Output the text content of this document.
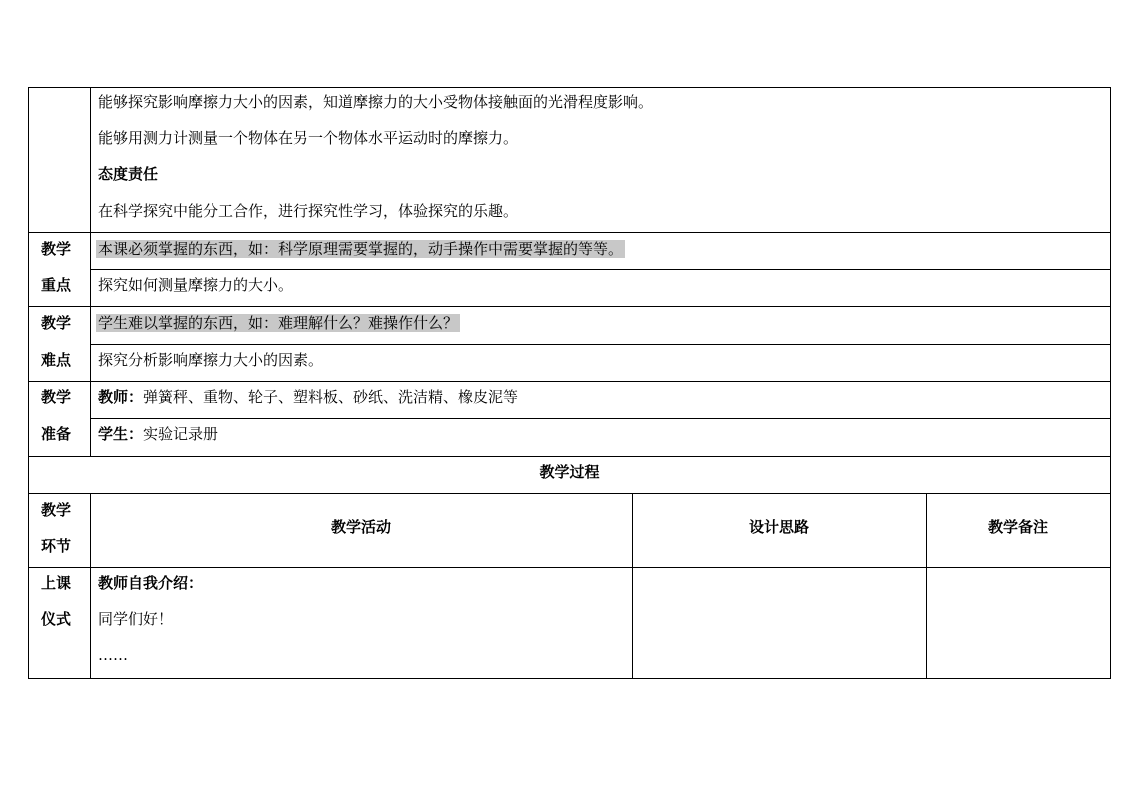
能够探究影响摩擦力大小的因素，知道摩擦力的大小受物体接触面的光滑程度影响。
能够用测力计测量一个物体在另一个物体水平运动时的摩擦力。
态度责任
在科学探究中能分工合作，进行探究性学习，体验探究的乐趣。
教学
重点
本课必须掌握的东西，如：科学原理需要掌握的，动手操作中需要掌握的等等。
探究如何测量摩擦力的大小。
教学
难点
学生难以掌握的东西，如：难理解什么？难操作什么？
探究分析影响摩擦力大小的因素。
教学
准备
教师：弹簧秤、重物、轮子、塑料板、砂纸、洗洁精、橡皮泥等
学生：实验记录册
教学过程
教学
环节
教学活动	设计思路	教学备注
上课
仪式
教师自我介绍：
同学们好！
……
